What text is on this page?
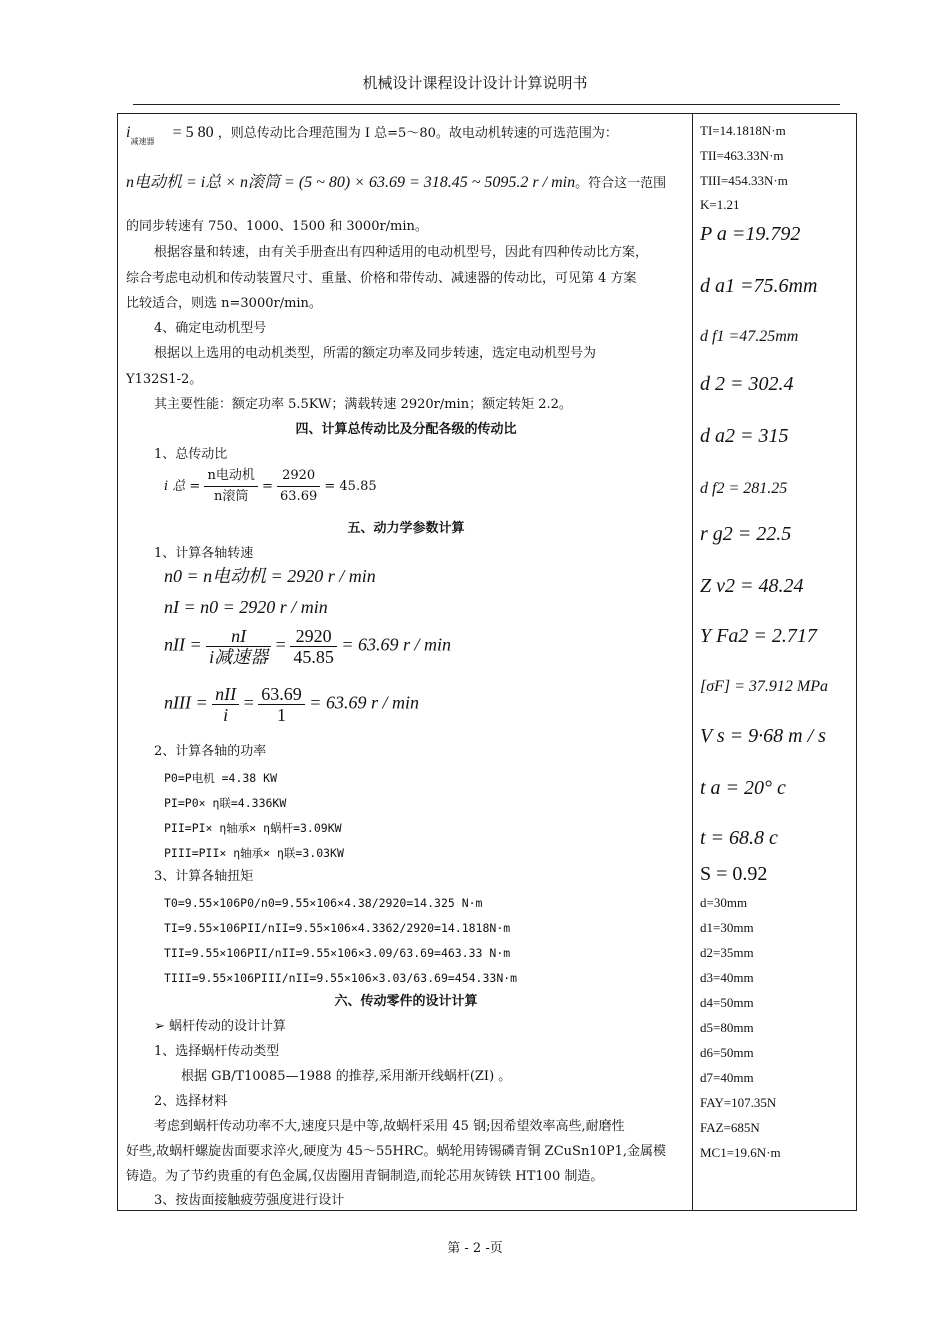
机械设计课程设计设计计算说明书
$i_{减速器} = 5$ 80 ，则总传动比合理范围为 I 总=5～80。故电动机转速的可选范围为：
n电动机 = i总 × n滚筒 = (5 ~ 80) × 63.69 = 318.45 ~ 5095.2 r / min。符合这一范围
的同步转速有 750、1000、1500 和 3000r/min。
根据容量和转速，由有关手册查出有四种适用的电动机型号，因此有四种传动比方案，
综合考虑电动机和传动装置尺寸、重量、价格和带传动、减速器的传动比，可见第 4 方案
比较适合，则选 n=3000r/min。
4、确定电动机型号
根据以上选用的电动机类型，所需的额定功率及同步转速，选定电动机型号为
Y132S1-2。
其主要性能：额定功率 5.5KW；满载转速 2920r/min；额定转矩 2.2。
四、计算总传动比及分配各级的传动比
1、总传动比
i 总 = $\frac{\text{n电动机}}{\text{n滚筒}} = \frac{2920}{63.69} = 45.85$
五、动力学参数计算
1、计算各轴转速
n0 = n电动机 = 2920 r / min
nI = n0 = 2920 r / min
nII = $\frac{nI}{\text{i减速器}} = \frac{2920}{45.85} = 63.69$ r / min
nIII = $\frac{\text{nII}}{i} = \frac{63.69}{1} = 63.69$ r / min
2、计算各轴的功率
P0=P电机 =4.38 KW
PI=P0× η联=4.336KW
PII=PI× η轴承× η蜗杆=3.09KW
PIII=PII× η轴承× η联=3.03KW
3、计算各轴扭矩
T0=9.55×106P0/n0=9.55×106×4.38/2920=14.325 N·m
TI=9.55×106PII/nII=9.55×106×4.3362/2920=14.1818N·m
TII=9.55×106PII/nII=9.55×106×3.09/63.69=463.33 N·m
TIII=9.55×106PIII/nII=9.55×106×3.03/63.69=454.33N·m
六、传动零件的设计计算
➢ 蜗杆传动的设计计算
1、选择蜗杆传动类型
根据 GB/T10085—1988 的推荐,采用渐开线蜗杆(ZI) 。
2、选择材料
考虑到蜗杆传动功率不大,速度只是中等,故蜗杆采用 45 钢;因希望效率高些,耐磨性
好些,故蜗杆螺旋齿面要求淬火,硬度为 45～55HRC。蜗轮用铸锡磷青铜 ZCuSn10P1,金属模
铸造。为了节约贵重的有色金属,仅齿圈用青铜制造,而轮芯用灰铸铁 HT100 制造。
3、按齿面接触疲劳强度进行设计
TI=14.1818N·m
TII=463.33N·m
TIII=454.33N·m
K=1.21
P a =19.792
d a1 =75.6mm
d f1 =47.25mm
d 2 = 302.4
d a2 = 315
d f2 = 281.25
r g2 = 22.5
Z v2 = 48.24
Y Fa2 = 2.717
[σF] = 37.912 MPa
V s = 9·68 m / s
t a = 20° c
t = 68.8 c
S = 0.92
d=30mm
d1=30mm
d2=35mm
d3=40mm
d4=50mm
d5=80mm
d6=50mm
d7=40mm
FAY=107.35N
FAZ=685N
MC1=19.6N·m
第 - 2 -页
